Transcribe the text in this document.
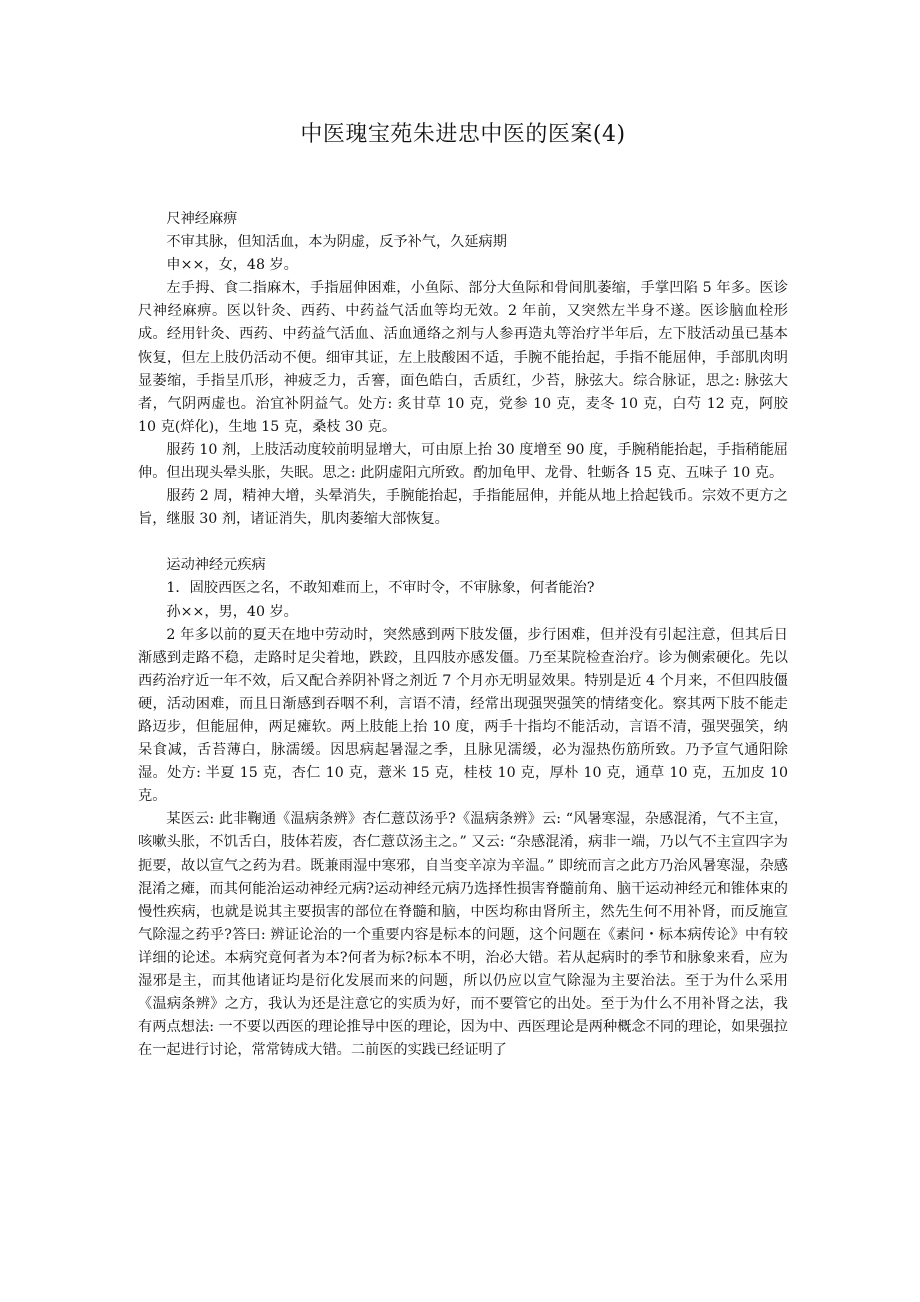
中医瑰宝苑朱进忠中医的医案(4)

尺神经麻痹

不审其脉，但知活血，本为阴虚，反予补气，久延病期

申××，女，48 岁。

左手拇、食二指麻木，手指屈伸困难，小鱼际、部分大鱼际和骨间肌萎缩，手掌凹陷 5 年多。医诊尺神经麻痹。医以针灸、西药、中药益气活血等均无效。2 年前，又突然左半身不遂。医诊脑血栓形成。经用针灸、西药、中药益气活血、活血通络之剂与人参再造丸等治疗半年后，左下肢活动虽已基本恢复，但左上肢仍活动不便。细审其证，左上肢酸困不适，手腕不能抬起，手指不能屈伸，手部肌肉明显萎缩，手指呈爪形，神疲乏力，舌謇，面色皓白，舌质红，少苔，脉弦大。综合脉证，思之: 脉弦大者，气阴两虚也。治宜补阴益气。处方: 炙甘草 10 克，党参 10 克，麦冬 10 克，白芍 12 克，阿胶 10 克(烊化)，生地 15 克，桑枝 30 克。

服药 10 剂，上肢活动度较前明显增大，可由原上抬 30 度增至 90 度，手腕稍能抬起，手指稍能屈伸。但出现头晕头胀，失眠。思之: 此阴虚阳亢所致。酌加龟甲、龙骨、牡蛎各 15 克、五味子 10 克。

服药 2 周，精神大增，头晕消失，手腕能抬起，手指能屈伸，并能从地上拾起钱币。宗效不更方之旨，继服 30 剂，诸证消失，肌肉萎缩大部恢复。

运动神经元疾病

1．固胶西医之名，不敢知难而上，不审时令，不审脉象，何者能治?

孙××，男，40 岁。

2 年多以前的夏天在地中劳动时，突然感到两下肢发僵，步行困难，但并没有引起注意，但其后日渐感到走路不稳，走路时足尖着地，跌跤，且四肢亦感发僵。乃至某院检查治疗。诊为侧索硬化。先以西药治疗近一年不效，后又配合养阴补肾之剂近 7 个月亦无明显效果。特别是近 4 个月来，不但四肢僵硬，活动困难，而且日渐感到吞咽不利，言语不清，经常出现强哭强笑的情绪变化。察其两下肢不能走路迈步，但能屈伸，两足瘫软。两上肢能上抬 10 度，两手十指均不能活动，言语不清，强哭强笑，纳呆食减，舌苔薄白，脉濡缓。因思病起暑湿之季，且脉见濡缓，必为湿热伤筋所致。乃予宣气通阳除湿。处方: 半夏 15 克，杏仁 10 克，薏米 15 克，桂枝 10 克，厚朴 10 克，通草 10 克，五加皮 10 克。

某医云: 此非鞠通《温病条辨》杏仁薏苡汤乎?《温病条辨》云: “风暑寒湿，杂感混淆，气不主宣，咳嗽头胀，不饥舌白，肢体若废，杏仁薏苡汤主之。” 又云: “杂感混淆，病非一端，乃以气不主宣四字为扼要，故以宣气之药为君。既兼雨湿中寒邪，自当变辛凉为辛温。” 即统而言之此方乃治风暑寒湿，杂感混淆之瘫，而其何能治运动神经元病?运动神经元病乃选择性损害脊髓前角、脑干运动神经元和锥体束的慢性疾病，也就是说其主要损害的部位在脊髓和脑，中医均称由肾所主，然先生何不用补肾，而反施宣气除湿之药乎?答曰: 辨证论治的一个重要内容是标本的问题，这个问题在《素问・标本病传论》中有较详细的论述。本病究竟何者为本?何者为标?标本不明，治必大错。若从起病时的季节和脉象来看，应为湿邪是主，而其他诸证均是衍化发展而来的问题，所以仍应以宣气除湿为主要治法。至于为什么采用《温病条辨》之方，我认为还是注意它的实质为好，而不要管它的出处。至于为什么不用补肾之法，我有两点想法: 一不要以西医的理论推导中医的理论，因为中、西医理论是两种概念不同的理论，如果强拉在一起进行讨论，常常铸成大错。二前医的实践已经证明了
